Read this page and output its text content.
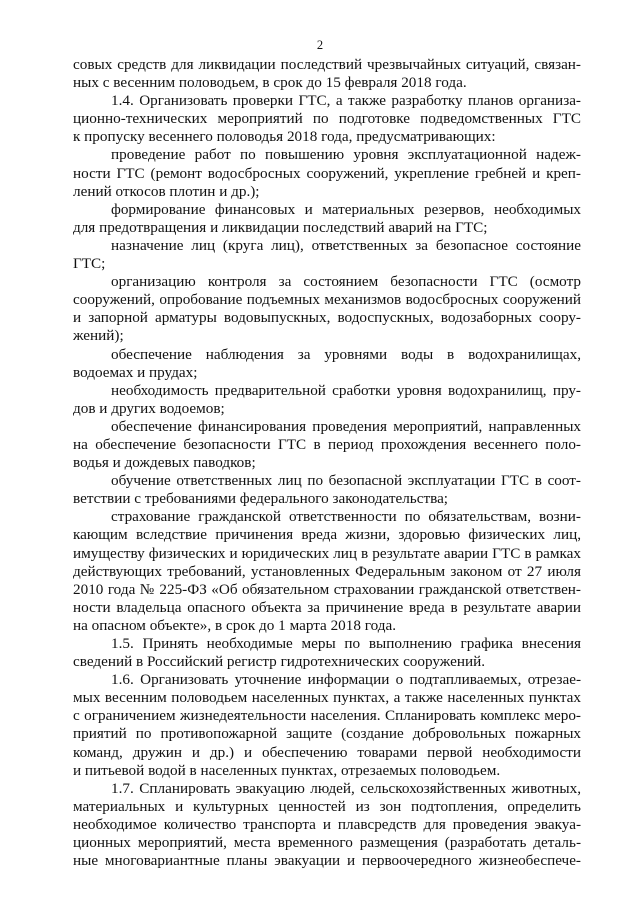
2
совых средств для ликвидации последствий чрезвычайных ситуаций, связан-
ных с весенним половодьем, в срок до 15 февраля 2018 года.
1.4. Организовать проверки ГТС, а также разработку планов организа-
ционно-технических мероприятий по подготовке подведомственных ГТС
к пропуску весеннего половодья 2018 года, предусматривающих:
проведение работ по повышению уровня эксплуатационной надеж-
ности ГТС (ремонт водосбросных сооружений, укрепление гребней и креп-
лений откосов плотин и др.);
формирование финансовых и материальных резервов, необходимых
для предотвращения и ликвидации последствий аварий на ГТС;
назначение лиц (круга лиц), ответственных за безопасное состояние
ГТС;
организацию контроля за состоянием безопасности ГТС (осмотр
сооружений, опробование подъемных механизмов водосбросных сооружений
и запорной арматуры водовыпускных, водоспускных, водозаборных соору-
жений);
обеспечение наблюдения за уровнями воды в водохранилищах,
водоемах и прудах;
необходимость предварительной сработки уровня водохранилищ, пру-
дов и других водоемов;
обеспечение финансирования проведения мероприятий, направленных
на обеспечение безопасности ГТС в период прохождения весеннего поло-
водья и дождевых паводков;
обучение ответственных лиц по безопасной эксплуатации ГТС в соот-
ветствии с требованиями федерального законодательства;
страхование гражданской ответственности по обязательствам, возни-
кающим вследствие причинения вреда жизни, здоровью физических лиц,
имуществу физических и юридических лиц в результате аварии ГТС в рамках
действующих требований, установленных Федеральным законом от 27 июля
2010 года № 225-ФЗ «Об обязательном страховании гражданской ответствен-
ности владельца опасного объекта за причинение вреда в результате аварии
на опасном объекте», в срок до 1 марта 2018 года.
1.5. Принять необходимые меры по выполнению графика внесения
сведений в Российский регистр гидротехнических сооружений.
1.6. Организовать уточнение информации о подтапливаемых, отрезае-
мых весенним половодьем населенных пунктах, а также населенных пунктах
с ограничением жизнедеятельности населения. Спланировать комплекс меро-
приятий по противопожарной защите (создание добровольных пожарных
команд, дружин и др.) и обеспечению товарами первой необходимости
и питьевой водой в населенных пунктах, отрезаемых половодьем.
1.7. Спланировать эвакуацию людей, сельскохозяйственных животных,
материальных и культурных ценностей из зон подтопления, определить
необходимое количество транспорта и плавсредств для проведения эвакуа-
ционных мероприятий, места временного размещения (разработать деталь-
ные многовариантные планы эвакуации и первоочередного жизнеобеспече-
